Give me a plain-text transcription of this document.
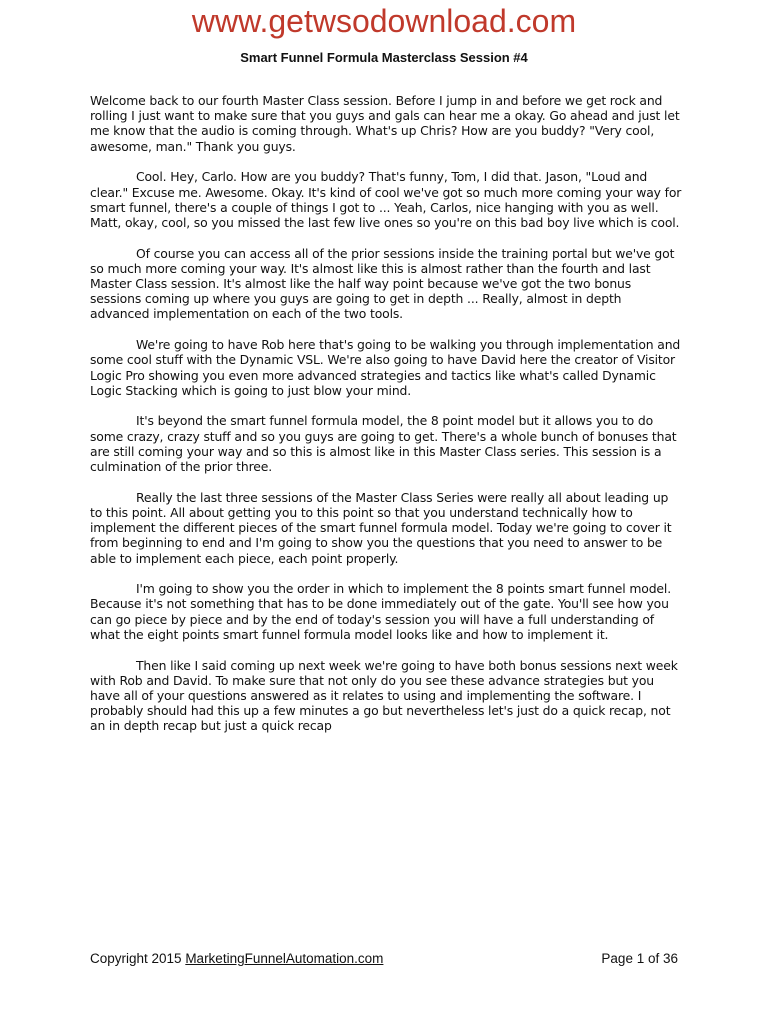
www.getwsodownload.com
Smart Funnel Formula Masterclass Session #4

Welcome back to our fourth Master Class session. Before I jump in and before we get rock and rolling I just want to make sure that you guys and gals can hear me a okay. Go ahead and just let me know that the audio is coming through. What's up Chris? How are you buddy? "Very cool, awesome, man." Thank you guys.

Cool. Hey, Carlo. How are you buddy? That's funny, Tom, I did that. Jason, "Loud and clear." Excuse me. Awesome. Okay. It's kind of cool we've got so much more coming your way for smart funnel, there's a couple of things I got to ... Yeah, Carlos, nice hanging with you as well. Matt, okay, cool, so you missed the last few live ones so you're on this bad boy live which is cool.

Of course you can access all of the prior sessions inside the training portal but we've got so much more coming your way. It's almost like this is almost rather than the fourth and last Master Class session. It's almost like the half way point because we've got the two bonus sessions coming up where you guys are going to get in depth ... Really, almost in depth advanced implementation on each of the two tools.

We're going to have Rob here that's going to be walking you through implementation and some cool stuff with the Dynamic VSL. We're also going to have David here the creator of Visitor Logic Pro showing you even more advanced strategies and tactics like what's called Dynamic Logic Stacking which is going to just blow your mind.

It's beyond the smart funnel formula model, the 8 point model but it allows you to do some crazy, crazy stuff and so you guys are going to get. There's a whole bunch of bonuses that are still coming your way and so this is almost like in this Master Class series. This session is a culmination of the prior three.

Really the last three sessions of the Master Class Series were really all about leading up to this point. All about getting you to this point so that you understand technically how to implement the different pieces of the smart funnel formula model. Today we're going to cover it from beginning to end and I'm going to show you the questions that you need to answer to be able to implement each piece, each point properly.

I'm going to show you the order in which to implement the 8 points smart funnel model. Because it's not something that has to be done immediately out of the gate. You'll see how you can go piece by piece and by the end of today's session you will have a full understanding of what the eight points smart funnel formula model looks like and how to implement it.

Then like I said coming up next week we're going to have both bonus sessions next week with Rob and David. To make sure that not only do you see these advance strategies but you have all of your questions answered as it relates to using and implementing the software. I probably should had this up a few minutes a go but nevertheless let's just do a quick recap, not an in depth recap but just a quick recap

Copyright 2015 MarketingFunnelAutomation.com	Page 1 of 36
